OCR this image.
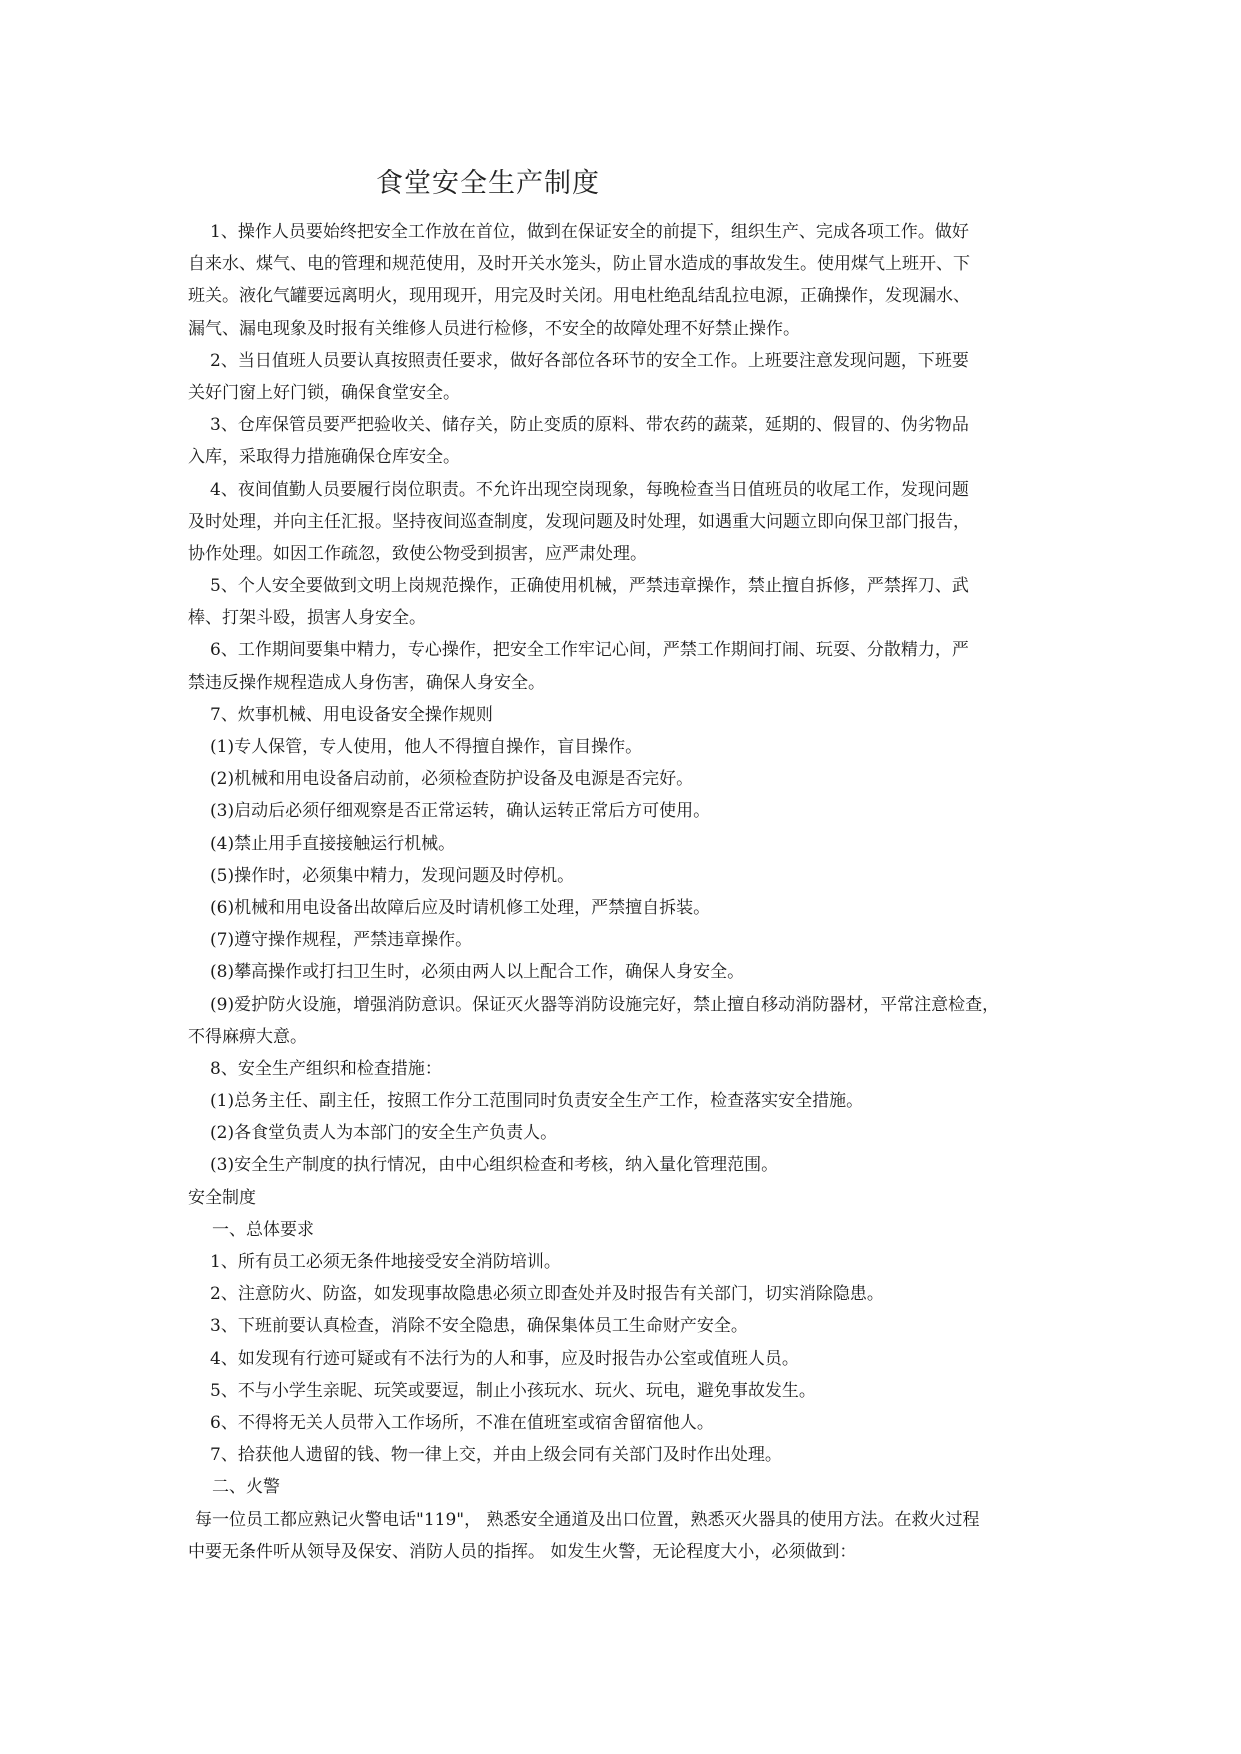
食堂安全生产制度
1、操作人员要始终把安全工作放在首位，做到在保证安全的前提下，组织生产、完成各项工作。做好
自来水、煤气、电的管理和规范使用，及时开关水笼头，防止冒水造成的事故发生。使用煤气上班开、下
班关。液化气罐要远离明火，现用现开，用完及时关闭。用电杜绝乱结乱拉电源，正确操作，发现漏水、
漏气、漏电现象及时报有关维修人员进行检修，不安全的故障处理不好禁止操作。
2、当日值班人员要认真按照责任要求，做好各部位各环节的安全工作。上班要注意发现问题，下班要
关好门窗上好门锁，确保食堂安全。
3、仓库保管员要严把验收关、储存关，防止变质的原料、带农药的蔬菜，延期的、假冒的、伪劣物品
入库，采取得力措施确保仓库安全。
4、夜间值勤人员要履行岗位职责。不允许出现空岗现象，每晚检查当日值班员的收尾工作，发现问题
及时处理，并向主任汇报。坚持夜间巡查制度，发现问题及时处理，如遇重大问题立即向保卫部门报告，
协作处理。如因工作疏忽，致使公物受到损害，应严肃处理。
5、个人安全要做到文明上岗规范操作，正确使用机械，严禁违章操作，禁止擅自拆修，严禁挥刀、武
棒、打架斗殴，损害人身安全。
6、工作期间要集中精力，专心操作，把安全工作牢记心间，严禁工作期间打闹、玩耍、分散精力，严
禁违反操作规程造成人身伤害，确保人身安全。
7、炊事机械、用电设备安全操作规则
(1)专人保管，专人使用，他人不得擅自操作，盲目操作。
(2)机械和用电设备启动前，必须检查防护设备及电源是否完好。
(3)启动后必须仔细观察是否正常运转，确认运转正常后方可使用。
(4)禁止用手直接接触运行机械。
(5)操作时，必须集中精力，发现问题及时停机。
(6)机械和用电设备出故障后应及时请机修工处理，严禁擅自拆装。
(7)遵守操作规程，严禁违章操作。
(8)攀高操作或打扫卫生时，必须由两人以上配合工作，确保人身安全。
(9)爱护防火设施，增强消防意识。保证灭火器等消防设施完好，禁止擅自移动消防器材，平常注意检查，
不得麻痹大意。
8、安全生产组织和检查措施：
(1)总务主任、副主任，按照工作分工范围同时负责安全生产工作，检查落实安全措施。
(2)各食堂负责人为本部门的安全生产负责人。
(3)安全生产制度的执行情况，由中心组织检查和考核，纳入量化管理范围。
安全制度
一、总体要求
1、所有员工必须无条件地接受安全消防培训。
2、注意防火、防盗，如发现事故隐患必须立即查处并及时报告有关部门，切实消除隐患。
3、下班前要认真检查，消除不安全隐患，确保集体员工生命财产安全。
4、如发现有行迹可疑或有不法行为的人和事，应及时报告办公室或值班人员。
5、不与小学生亲昵、玩笑或要逗，制止小孩玩水、玩火、玩电，避免事故发生。
6、不得将无关人员带入工作场所，不准在值班室或宿舍留宿他人。
7、拾获他人遗留的钱、物一律上交，并由上级会同有关部门及时作出处理。
二、火警
每一位员工都应熟记火警电话"119"， 熟悉安全通道及出口位置，熟悉灭火器具的使用方法。在救火过程
中要无条件听从领导及保安、消防人员的指挥。 如发生火警，无论程度大小，必须做到：
